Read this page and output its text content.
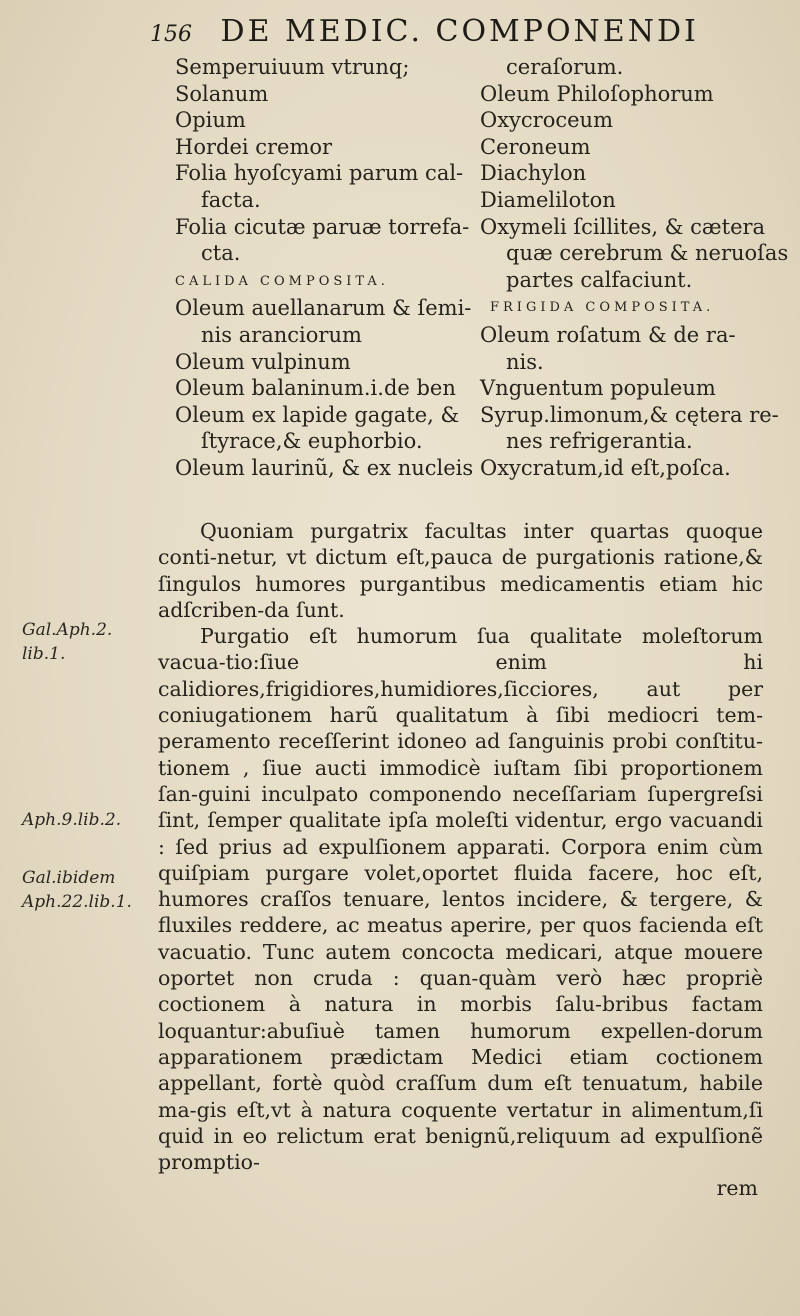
156 DE MEDIC. COMPONENDI
Semperuiuum vtrunq;
Solanum
Opium
Hordei cremor
Folia hyoſcyami parum cal-
facta.
Folia cicutæ paruæ torrefa-
cta.
CALIDA COMPOSITA.
Oleum auellanarum & ſemi-
nis aranciorum
Oleum vulpinum
Oleum balaninum.i.de ben
Oleum ex lapide gagate, &
ſtyrace,& euphorbio.
Oleum laurinũ, & ex nucleis
ceraſorum.
Oleum Philoſophorum
Oxycroceum
Ceroneum
Diachylon
Diameliloton
Oxymeli ſcillites, & cætera
quæ cerebrum & neruoſas
partes calfaciunt.
FRIGIDA COMPOSITA.
Oleum roſatum & de ra-
nis.
Vnguentum populeum
Syrup.limonum,& cętera re-
nes refrigerantia.
Oxycratum,id eſt,poſca.
Quoniam purgatrix facultas inter quartas quoque conti-netur, vt dictum eſt,pauca de purgationis ratione,& ſingulos humores purgantibus medicamentis etiam hic adſcriben-da ſunt.
Purgatio eſt humorum ſua qualitate moleſtorum vacua-tio:ſiue enim hi calidiores,frigidiores,humidiores,ſicciores, aut per coniugationem harũ qualitatum à ſibi mediocri tem-peramento receſſerint idoneo ad ſanguinis probi conſtitu-tionem , ſiue aucti immodicè iuſtam ſibi proportionem ſan-guini inculpato componendo neceſſariam ſupergreſsi ſint, ſemper qualitate ipſa moleſti videntur, ergo vacuandi : ſed prius ad expulſionem apparati. Corpora enim cùm quiſpiam purgare volet,oportet fluida facere, hoc eſt, humores craſſos tenuare, lentos incidere, & tergere, & fluxiles reddere, ac meatus aperire, per quos facienda eſt vacuatio. Tunc autem concocta medicari, atque mouere oportet non cruda : quan-quàm verò hæc propriè coctionem à natura in morbis ſalu-bribus factam loquantur:abuſiuè tamen humorum expellen-dorum apparationem prædictam Medici etiam coctionem appellant, fortè quòd craſſum dum eſt tenuatum, habile ma-gis eſt,vt à natura coquente vertatur in alimentum,ſi quid in eo relictum erat benignũ,reliquum ad expulſionẽ promptio-
rem
Gal.Aph.2.
lib.1.
Aph.9.lib.2.
Gal.ibidem
Aph.22.lib.1.
